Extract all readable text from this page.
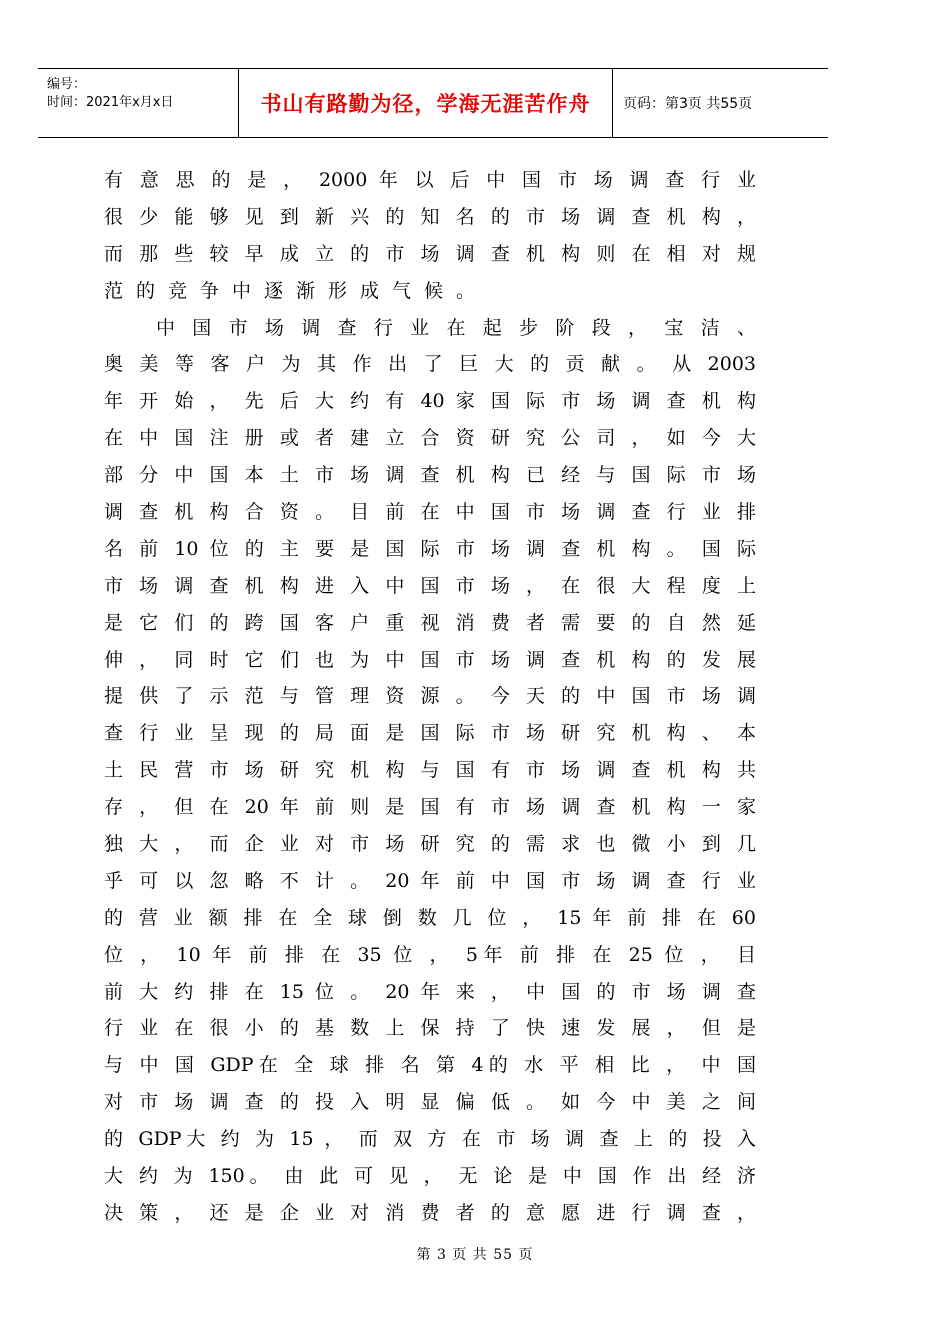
编号：
时间：2021年x月x日	书山有路勤为径，学海无涯苦作舟	页码：第3页 共55页
有 意 思 的 是 ， 2000 年 以 后 中 国 市 场 调 查 行 业
很 少 能 够 见 到 新 兴 的 知 名 的 市 场 调 查 机 构 ，
而 那 些 较 早 成 立 的 市 场 调 查 机 构 则 在 相 对 规
范的竞争中逐渐形成气候。
中 国 市 场 调 查 行 业 在 起 步 阶 段 ， 宝 洁 、
奥 美 等 客 户 为 其 作 出 了 巨 大 的 贡 献 。 从 2003
年 开 始 ， 先 后 大 约 有 40 家 国 际 市 场 调 查 机 构
在 中 国 注 册 或 者 建 立 合 资 研 究 公 司 ， 如 今 大
部 分 中 国 本 土 市 场 调 查 机 构 已 经 与 国 际 市 场
调 查 机 构 合 资 。 目 前 在 中 国 市 场 调 查 行 业 排
名 前 10 位 的 主 要 是 国 际 市 场 调 查 机 构 。 国 际
市 场 调 查 机 构 进 入 中 国 市 场 ， 在 很 大 程 度 上
是 它 们 的 跨 国 客 户 重 视 消 费 者 需 要 的 自 然 延
伸 ， 同 时 它 们 也 为 中 国 市 场 调 查 机 构 的 发 展
提 供 了 示 范 与 管 理 资 源 。 今 天 的 中 国 市 场 调
查 行 业 呈 现 的 局 面 是 国 际 市 场 研 究 机 构 、 本
土 民 营 市 场 研 究 机 构 与 国 有 市 场 调 查 机 构 共
存 ， 但 在 20 年 前 则 是 国 有 市 场 调 查 机 构 一 家
独 大 ， 而 企 业 对 市 场 研 究 的 需 求 也 微 小 到 几
乎 可 以 忽 略 不 计 。 20 年 前 中 国 市 场 调 查 行 业
的 营 业 额 排 在 全 球 倒 数 几 位 ， 15 年 前 排 在 60
位 ， 10 年 前 排 在 35 位 ， 5年 前 排 在 25 位 ， 目
前 大 约 排 在 15 位 。 20 年 来 ， 中 国 的 市 场 调 查
行 业 在 很 小 的 基 数 上 保 持 了 快 速 发 展 ， 但 是
与 中 国 GDP在 全 球 排 名 第 4的 水 平 相 比 ， 中 国
对 市 场 调 查 的 投 入 明 显 偏 低 。 如 今 中 美 之 间
的 GDP大 约 为 15 ， 而 双 方 在 市 场 调 查 上 的 投 入
大 约 为 150。 由 此 可 见 ， 无 论 是 中 国 作 出 经 济
决 策 ， 还 是 企 业 对 消 费 者 的 意 愿 进 行 调 查 ，
第 3 页 共 55 页
